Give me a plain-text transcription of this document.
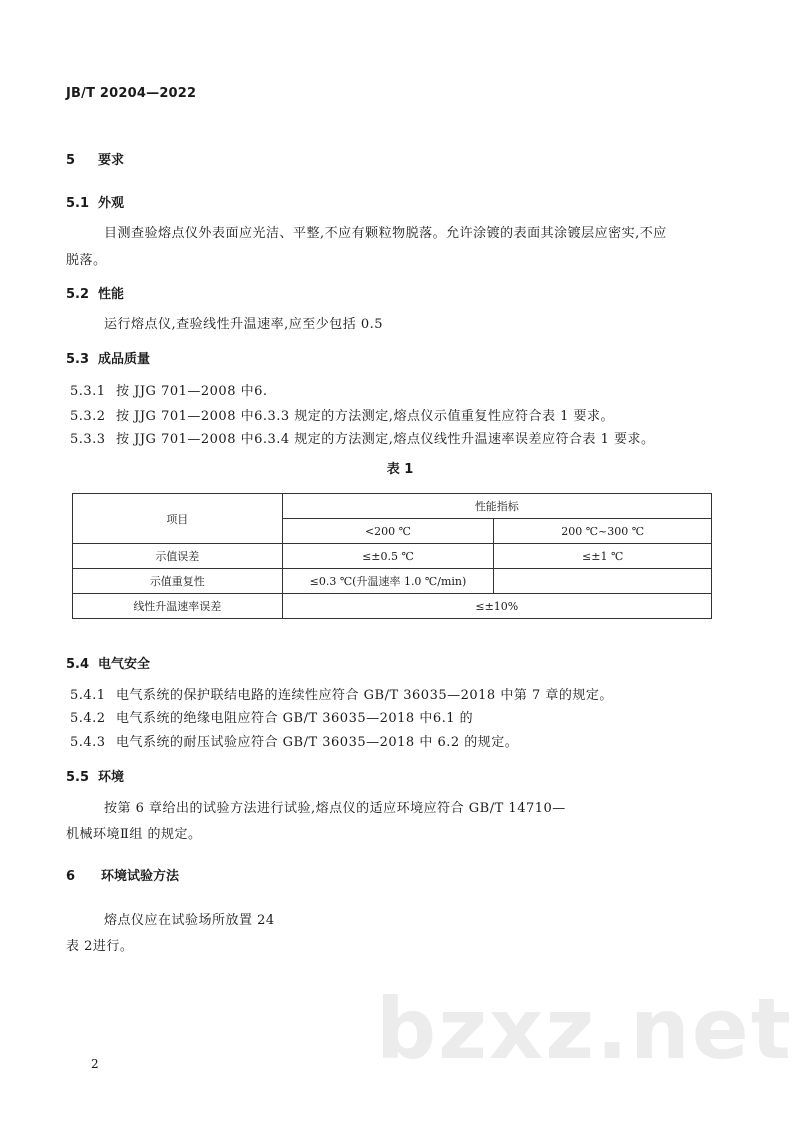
JB/T 20204—2022
5 要求
5.1 外观
目测查验熔点仪外表面应光洁、平整,不应有颗粒物脱落。允许涂镀的表面其涂镀层应密实,不应
脱落。
5.2 性能
运行熔点仪,查验线性升温速率,应至少包括 0.5
5.3 成品质量
5.3.1 按 JJG 701—2008 中6.
5.3.2 按 JJG 701—2008 中6.3.3 规定的方法测定,熔点仪示值重复性应符合表 1 要求。
5.3.3 按 JJG 701—2008 中6.3.4 规定的方法测定,熔点仪线性升温速率误差应符合表 1 要求。
表 1
项目	性能指标	
	<200 ℃	200 ℃~300 ℃
示值误差	≤±0.5 ℃	≤±1 ℃
示值重复性	≤0.3 ℃(升温速率 1.0 ℃/min)	
线性升温速率误差	≤±10%	
5.4 电气安全
5.4.1 电气系统的保护联结电路的连续性应符合 GB/T 36035—2018 中第 7 章的规定。
5.4.2 电气系统的绝缘电阻应符合 GB/T 36035—2018 中6.1 的
5.4.3 电气系统的耐压试验应符合 GB/T 36035—2018 中 6.2 的规定。
5.5 环境
按第 6 章给出的试验方法进行试验,熔点仪的适应环境应符合 GB/T 14710—
机械环境Ⅱ组 的规定。
6 环境试验方法
熔点仪应在试验场所放置 24
表 2进行。
bzxz.net
2
